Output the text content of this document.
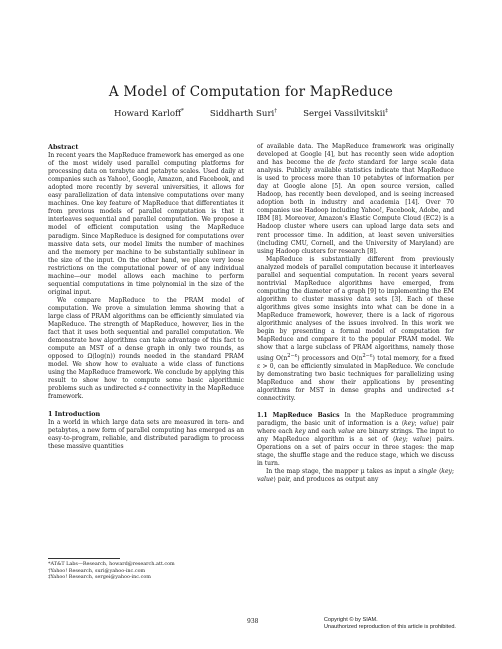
A Model of Computation for MapReduce
Howard Karloff*	Siddharth Suri†	Sergei Vassilvitskii‡
Abstract

In recent years the MapReduce framework has emerged as one of the most widely used parallel computing platforms for processing data on terabyte and petabyte scales. Used daily at companies such as Yahoo!, Google, Amazon, and Facebook, and adopted more recently by several universities, it allows for easy parallelization of data intensive computations over many machines. One key feature of MapReduce that differentiates it from previous models of parallel computation is that it interleaves sequential and parallel computation. We propose a model of efficient computation using the MapReduce paradigm. Since MapReduce is designed for computations over massive data sets, our model limits the number of machines and the memory per machine to be substantially sublinear in the size of the input. On the other hand, we place very loose restrictions on the computational power of of any individual machine—our model allows each machine to perform sequential computations in time polynomial in the size of the original input.

We compare MapReduce to the PRAM model of computation. We prove a simulation lemma showing that a large class of PRAM algorithms can be efficiently simulated via MapReduce. The strength of MapReduce, however, lies in the fact that it uses both sequential and parallel computation. We demonstrate how algorithms can take advantage of this fact to compute an MST of a dense graph in only two rounds, as opposed to Ω(log(n)) rounds needed in the standard PRAM model. We show how to evaluate a wide class of functions using the MapReduce framework. We conclude by applying this result to show how to compute some basic algorithmic problems such as undirected s-t connectivity in the MapReduce framework.

1 Introduction

In a world in which large data sets are measured in tera- and petabytes, a new form of parallel computing has emerged as an easy-to-program, reliable, and distributed paradigm to process these massive quantities

of available data. The MapReduce framework was originally developed at Google [4], but has recently seen wide adoption and has become the de facto standard for large scale data analysis. Publicly available statistics indicate that MapReduce is used to process more than 10 petabytes of information per day at Google alone [5]. An open source version, called Hadoop, has recently been developed, and is seeing increased adoption both in industry and academia [14]. Over 70 companies use Hadoop including Yahoo!, Facebook, Adobe, and IBM [8]. Moreover, Amazon's Elastic Compute Cloud (EC2) is a Hadoop cluster where users can upload large data sets and rent processor time. In addition, at least seven universities (including CMU, Cornell, and the University of Maryland) are using Hadoop clusters for research [8].

MapReduce is substantially different from previously analyzed models of parallel computation because it interleaves parallel and sequential computation. In recent years several nontrivial MapReduce algorithms have emerged, from computing the diameter of a graph [9] to implementing the EM algorithm to cluster massive data sets [3]. Each of these algorithms gives some insights into what can be done in a MapReduce framework, however, there is a lack of rigorous algorithmic analyses of the issues involved. In this work we begin by presenting a formal model of computation for MapReduce and compare it to the popular PRAM model. We show that a large subclass of PRAM algorithms, namely those using $O(n^{2-\varepsilon})$ processors and $O(n^{2-\varepsilon})$ total memory, for a fixed ε > 0, can be efficiently simulated in MapReduce. We conclude by demonstrating two basic techniques for parallelizing using MapReduce and show their applications by presenting algorithms for MST in dense graphs and undirected s-t connectivity.

1.1 MapReduce Basics In the MapReduce programming paradigm, the basic unit of information is a ⟨key; value⟩ pair where each key and each value are binary strings. The input to any MapReduce algorithm is a set of ⟨key; value⟩ pairs. Operations on a set of pairs occur in three stages: the map stage, the shuffle stage and the reduce stage, which we discuss in turn.

In the map stage, the mapper μ takes as input a single ⟨key; value⟩ pair, and produces as output any

*AT&T Labs—Research, howard@research.att.com
†Yahoo! Research, suri@yahoo-inc.com
‡Yahoo! Research, sergei@yahoo-inc.com
938	Copyright © by SIAM.
Unauthorized reproduction of this article is prohibited.
